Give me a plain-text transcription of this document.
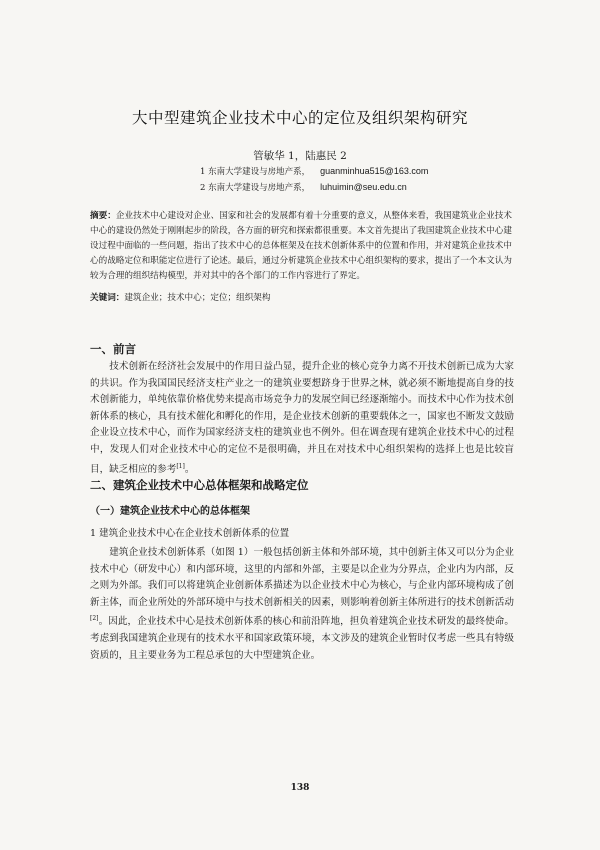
大中型建筑企业技术中心的定位及组织架构研究
管敏华 1，陆惠民 2
1 东南大学建设与房地产系， guanminhua515@163.com
2 东南大学建设与房地产系， luhuimin@seu.edu.cn
摘要：企业技术中心建设对企业、国家和社会的发展都有着十分重要的意义，从整体来看，我国建筑业企业技术中心的建设仍然处于刚刚起步的阶段，各方面的研究和探索都很重要。本文首先提出了我国建筑企业技术中心建设过程中面临的一些问题，指出了技术中心的总体框架及在技术创新体系中的位置和作用，并对建筑企业技术中心的战略定位和职能定位进行了论述。最后，通过分析建筑企业技术中心组织架构的要求，提出了一个本文认为较为合理的组织结构模型，并对其中的各个部门的工作内容进行了界定。
关键词：建筑企业；技术中心；定位；组织架构
一、前言
技术创新在经济社会发展中的作用日益凸显，提升企业的核心竞争力离不开技术创新已成为大家的共识。作为我国国民经济支柱产业之一的建筑业要想跻身于世界之林，就必须不断地提高自身的技术创新能力，单纯依靠价格优势来提高市场竞争力的发展空间已经逐渐缩小。而技术中心作为技术创新体系的核心，具有技术催化和孵化的作用，是企业技术创新的重要载体之一，国家也不断发文鼓励企业设立技术中心，而作为国家经济支柱的建筑业也不例外。但在调查现有建筑企业技术中心的过程中，发现人们对企业技术中心的定位不是很明确，并且在对技术中心组织架构的选择上也是比较盲目，缺乏相应的参考[1]。
二、建筑企业技术中心总体框架和战略定位
（一）建筑企业技术中心的总体框架
1 建筑企业技术中心在企业技术创新体系的位置
建筑企业技术创新体系（如图 1）一般包括创新主体和外部环境，其中创新主体又可以分为企业技术中心（研发中心）和内部环境，这里的内部和外部，主要是以企业为分界点，企业内为内部，反之则为外部。我们可以将建筑企业创新体系描述为以企业技术中心为核心，与企业内部环境构成了创新主体，而企业所处的外部环境中与技术创新相关的因素，则影响着创新主体所进行的技术创新活动[2]。因此，企业技术中心是技术创新体系的核心和前沿阵地，担负着建筑企业技术研发的最终使命。考虑到我国建筑企业现有的技术水平和国家政策环境，本文涉及的建筑企业暂时仅考虑一些具有特级资质的，且主要业务为工程总承包的大中型建筑企业。
138
